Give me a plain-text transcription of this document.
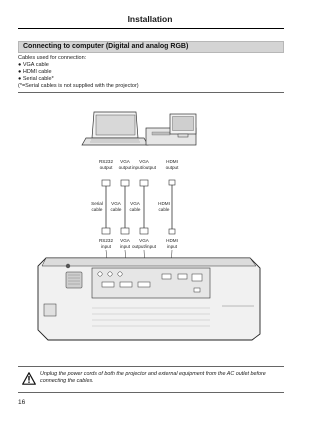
Installation
Connecting to computer (Digital and analog RGB)
Cables used for connection:
● VGA cable
● HDMI cable
● Serial cable*
(*=Serial cables is not supplied with the projector)
RS232
output
VGA
output
VGA
input/output
HDMI
output
Serial
cable
VGA
cable
VGA
cable
HDMI
cable
RS232
input
VGA
input
VGA
output/input
HDMI
input
Unplug the power cords of both the projector and external equipment from the AC outlet before connecting the cables.
16
